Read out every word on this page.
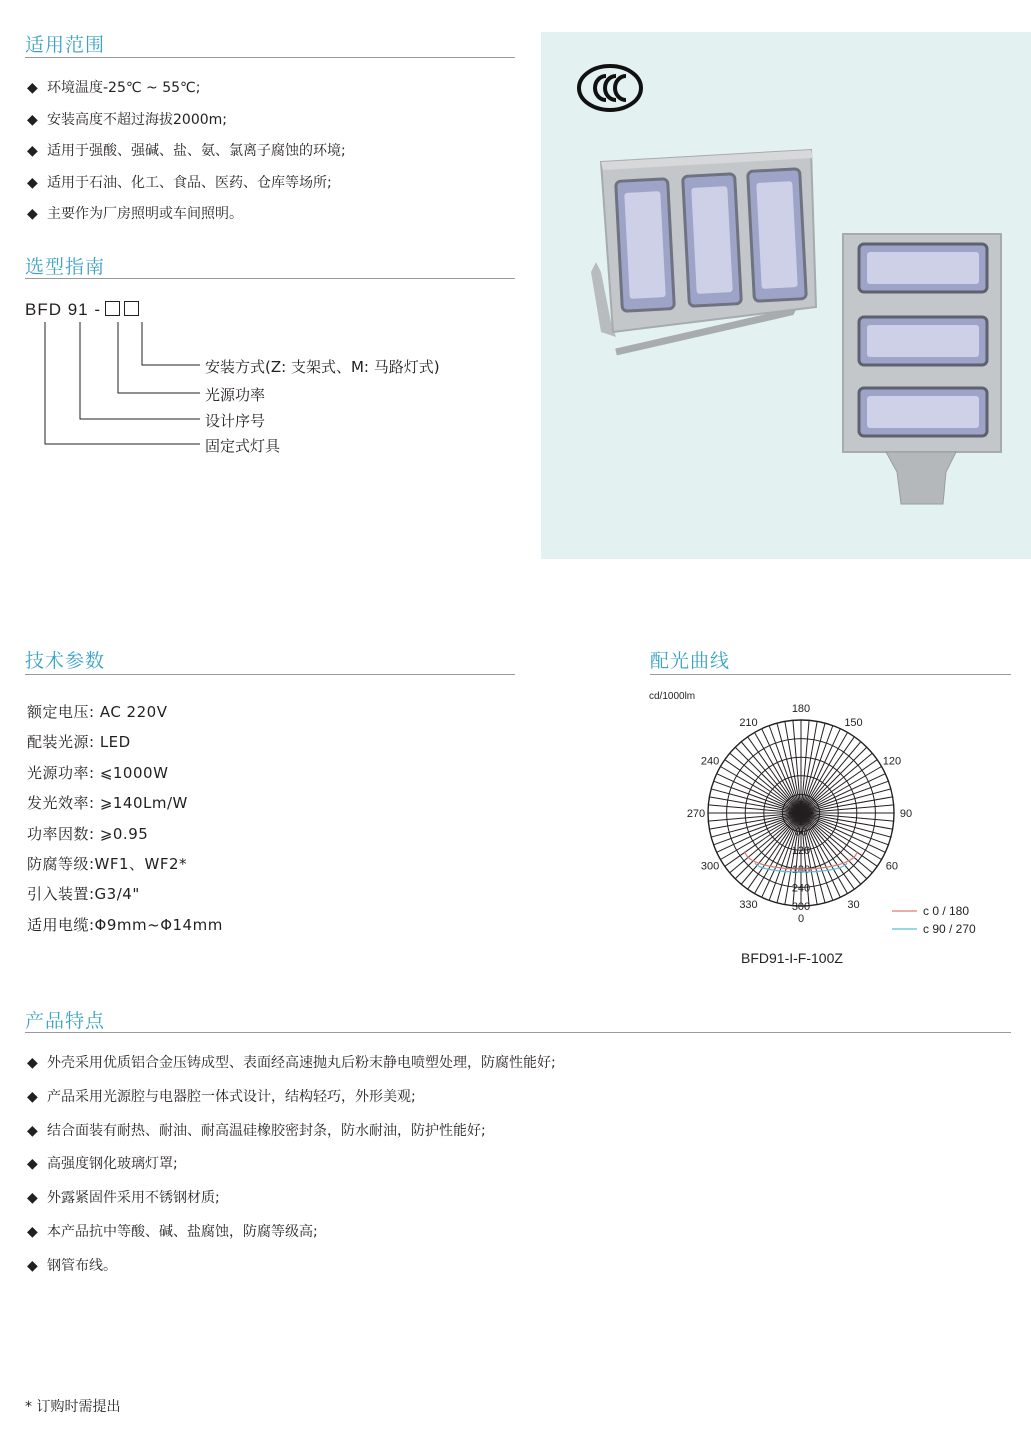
适用范围
◆ 环境温度-25℃ ~ 55℃;
◆ 安装高度不超过海拔2000m;
◆ 适用于强酸、强碱、盐、氨、氯离子腐蚀的环境;
◆ 适用于石油、化工、食品、医药、仓库等场所;
◆ 主要作为厂房照明或车间照明。
选型指南
BFD 91 -
安装方式(Z: 支架式、M: 马路灯式)
光源功率
设计序号
固定式灯具
技术参数
额定电压: AC 220V
配装光源: LED
光源功率: ⩽1000W
发光效率: ⩾140Lm/W
功率因数: ⩾0.95
防腐等级:WF1、WF2*
引入装置:G3/4"
适用电缆:Φ9mm~Φ14mm
配光曲线
cd/1000lm
180
150
120
90
60
30
0
330
300
270
240
210
0
60
120
180
240
300	c 0 / 180
c 90 / 270
BFD91-I-F-100Z
产品特点
◆ 外壳采用优质铝合金压铸成型、表面经高速抛丸后粉末静电喷塑处理，防腐性能好;
◆ 产品采用光源腔与电器腔一体式设计，结构轻巧，外形美观;
◆ 结合面装有耐热、耐油、耐高温硅橡胶密封条，防水耐油，防护性能好;
◆ 高强度钢化玻璃灯罩;
◆ 外露紧固件采用不锈钢材质;
◆ 本产品抗中等酸、碱、盐腐蚀，防腐等级高;
◆ 钢管布线。
* 订购时需提出
